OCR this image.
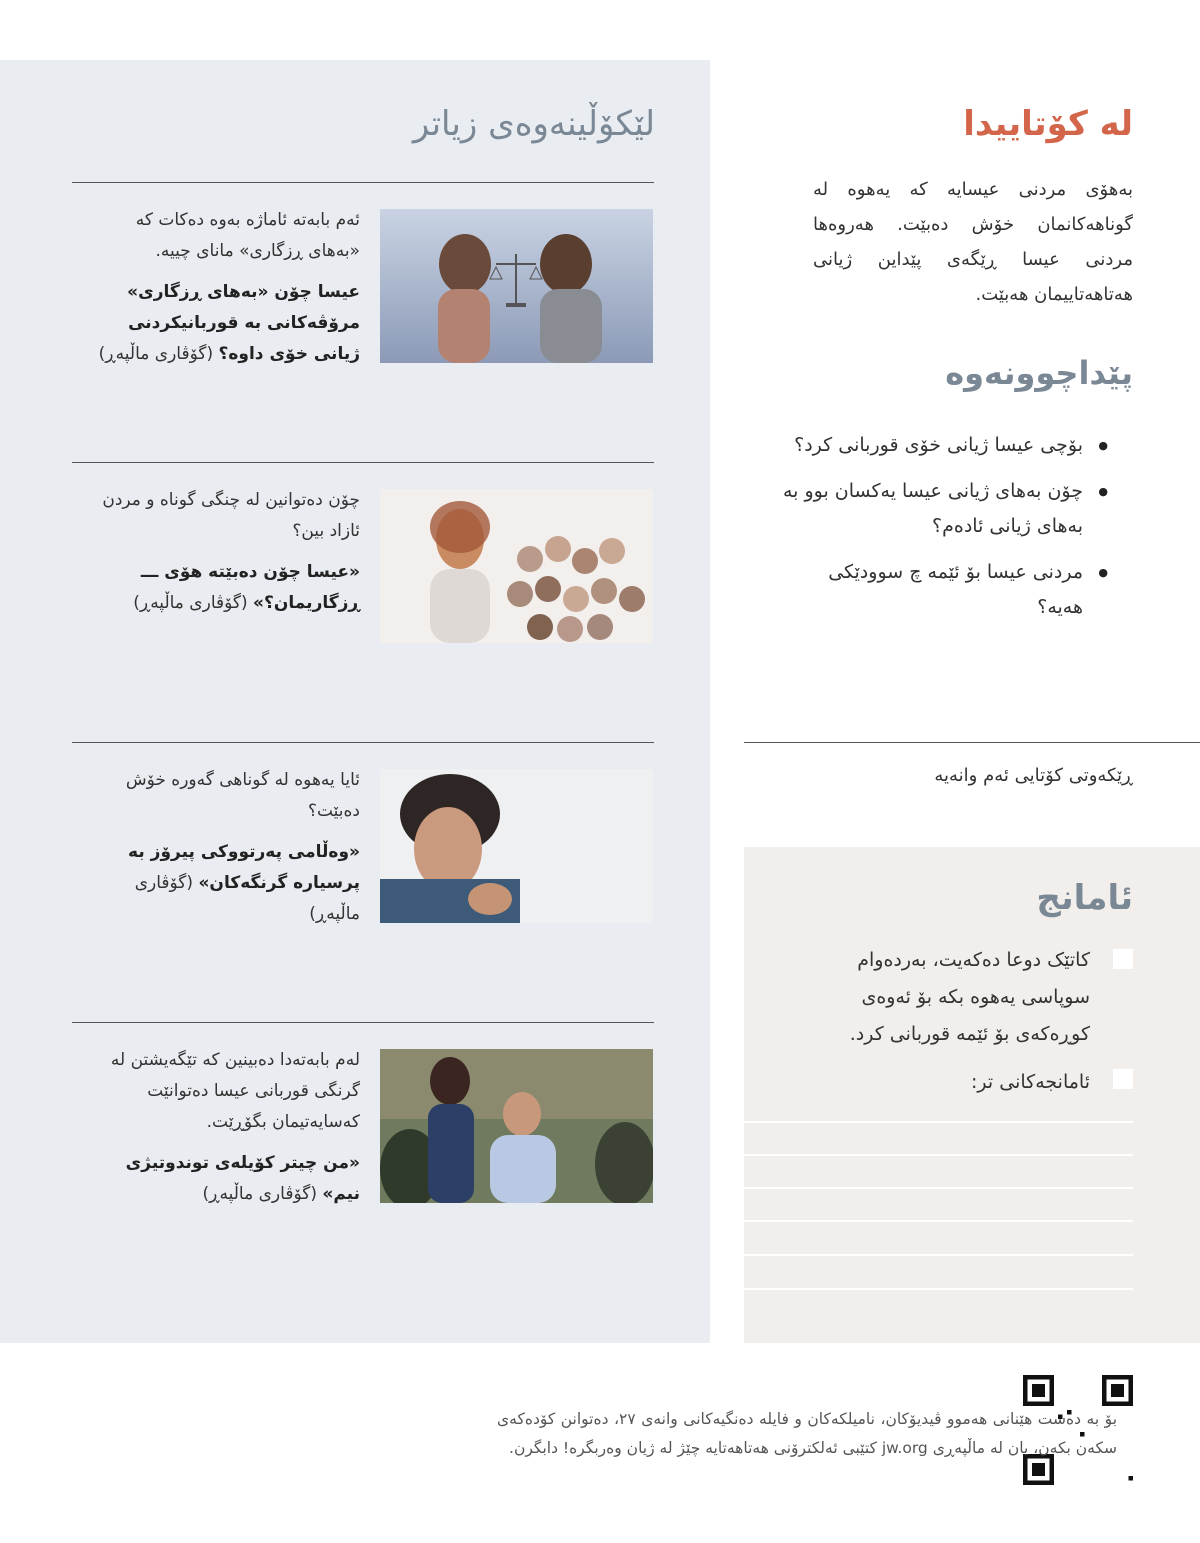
لێکۆڵینەوەی زیاتر

ئەم بابەتە ئاماژە بەوە دەکات کە «بەهای ڕزگاری» مانای چییە.

عیسا چۆن «بەهای ڕزگاری» مرۆڤەکانی بە قوربانیکردنی ژیانی خۆی داوە؟ (گۆڤاری ماڵپەڕ)

چۆن دەتوانین لە چنگی گوناه و مردن ئازاد بین؟

«عیسا چۆن دەبێتە هۆی ـــ ڕزگاریمان؟» (گۆڤاری ماڵپەڕ)

ئایا یەهوە لە گوناهی گەورە خۆش دەبێت؟

«وەڵامی پەرتووکی پیرۆز بە پرسیارە گرنگەکان» (گۆڤاری ماڵپەڕ)

لەم بابەتەدا دەبینین کە تێگەیشتن لە گرنگی قوربانی عیسا دەتوانێت کەسایەتیمان بگۆڕێت.

«من چیتر کۆیلەی توندوتیژی نیم» (گۆڤاری ماڵپەڕ)

لە کۆتاییدا

بەهۆی مردنی عیسایە کە یەهوە لە گوناهەکانمان خۆش دەبێت. هەروەها مردنی عیسا ڕێگەی پێداین ژیانی هەتاهەتاییمان هەبێت.

پێداچوونەوە
● بۆچی عیسا ژیانی خۆی قوربانی کرد؟
● چۆن بەهای ژیانی عیسا یەکسان بوو بە بەهای ژیانی ئادەم؟
● مردنی عیسا بۆ ئێمە چ سوودێکی هەیە؟
ڕێکەوتی کۆتایی ئەم وانەیە
ئامانج
کاتێک دوعا دەکەیت، بەردەوام سوپاسی یەهوە بکە بۆ ئەوەی کوڕەکەی بۆ ئێمە قوربانی کرد.
ئامانجەکانی تر:

بۆ بە دەست هێنانی هەموو ڤیدیۆکان، نامیلکەکان و فایلە دەنگیەکانی وانەی ٢٧، دەتوانن کۆدەکەی سکەن بکەن، یان لە ماڵپەڕی jw.org کتێبی ئەلکترۆنی هەتاهەتایە چێژ لە ژیان وەربگرە! دابگرن.
